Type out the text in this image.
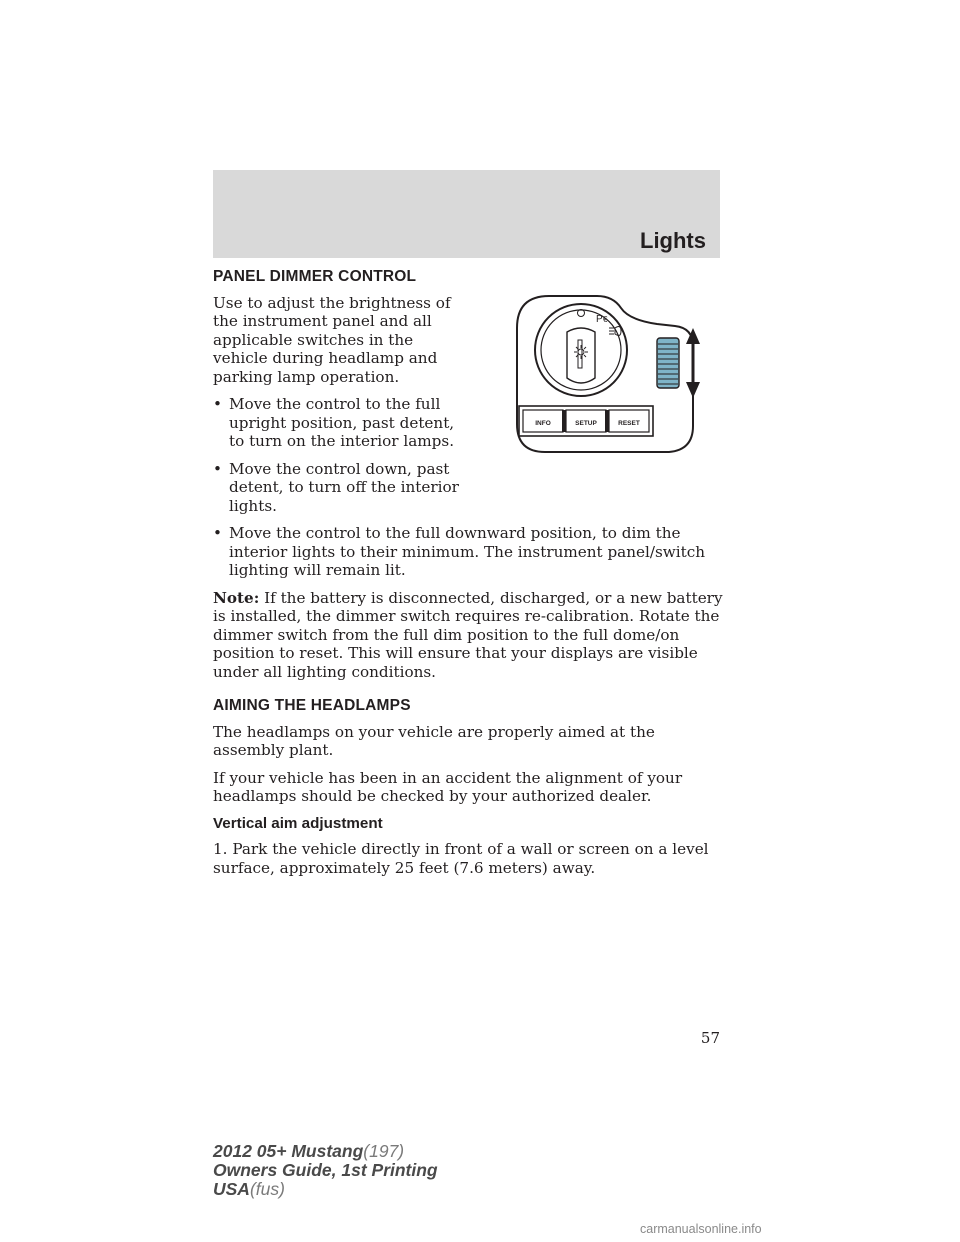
Lights
P €
INFO	SETUP	RESET
PANEL DIMMER CONTROL

Use to adjust the brightness of the instrument panel and all applicable switches in the vehicle during headlamp and parking lamp operation.

• Move the control to the full upright position, past detent, to turn on the interior lamps.
• Move the control down, past detent, to turn off the interior lights.
• Move the control to the full downward position, to dim the interior lights to their minimum. The instrument panel/switch lighting will remain lit.

Note: If the battery is disconnected, discharged, or a new battery is installed, the dimmer switch requires re-calibration. Rotate the dimmer switch from the full dim position to the full dome/on position to reset. This will ensure that your displays are visible under all lighting conditions.

AIMING THE HEADLAMPS

The headlamps on your vehicle are properly aimed at the assembly plant.

If your vehicle has been in an accident the alignment of your headlamps should be checked by your authorized dealer.

Vertical aim adjustment

1. Park the vehicle directly in front of a wall or screen on a level surface, approximately 25 feet (7.6 meters) away.

57
2012 05+ Mustang(197)
Owners Guide, 1st Printing
USA(fus)
carmanualsonline.info
